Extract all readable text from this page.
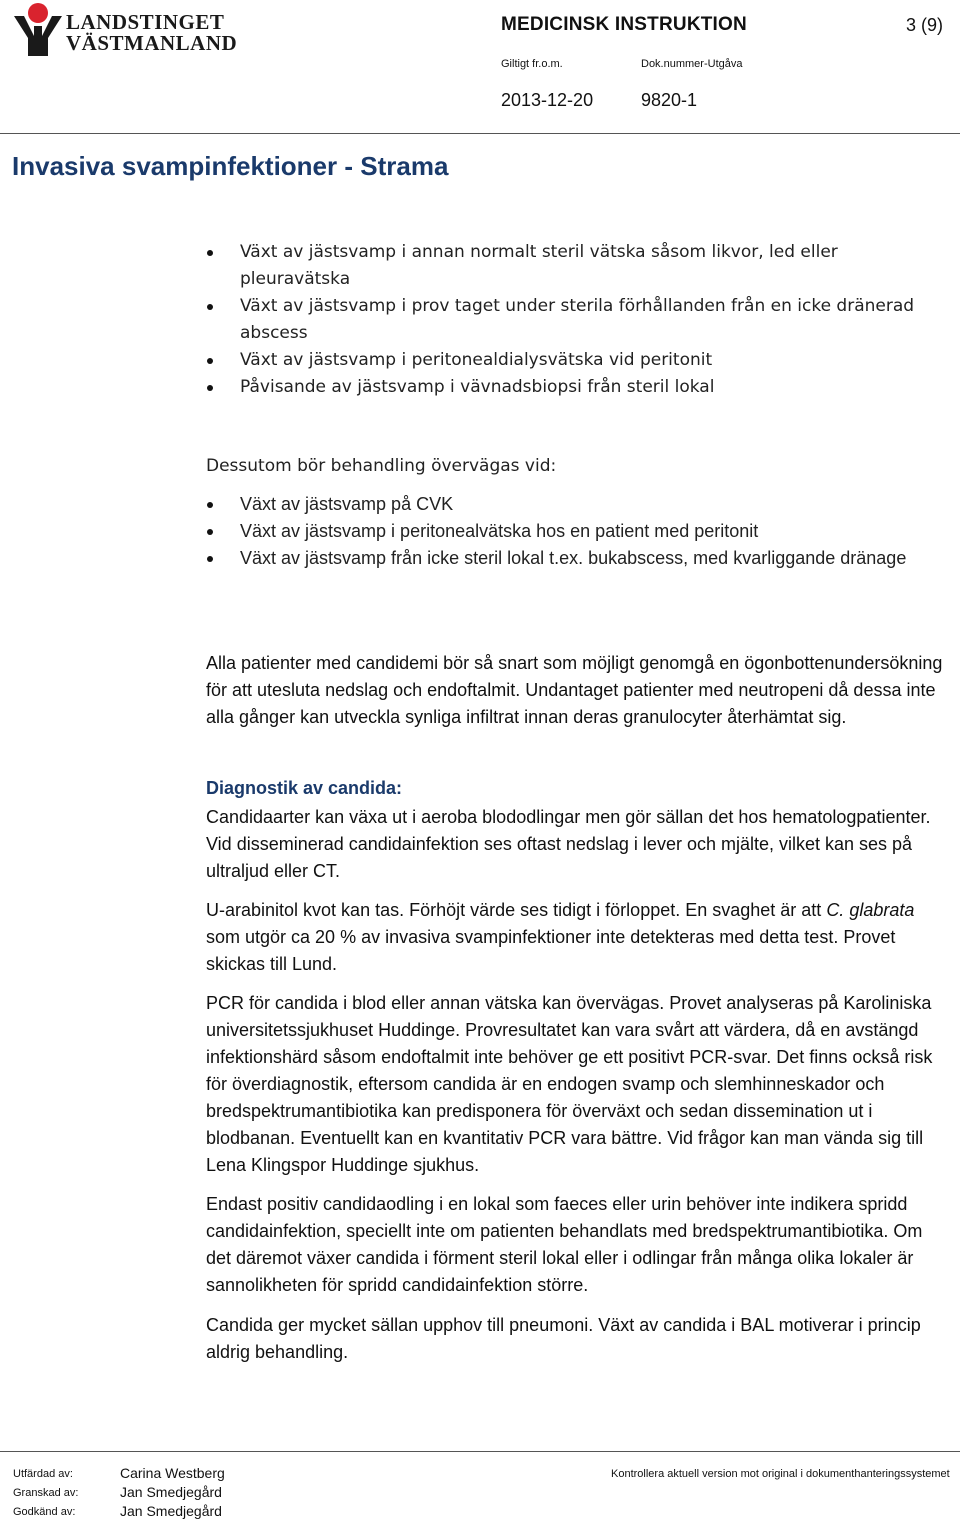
LANDSTINGET
VÄSTMANLAND
MEDICINSK INSTRUKTION	3 (9)
Giltigt fr.o.m.	Dok.nummer-Utgåva
2013-12-20	9820-1
Invasiva svampinfektioner - Strama
Växt av jästsvamp i annan normalt steril vätska såsom likvor, led eller pleuravätska
Växt av jästsvamp i prov taget under sterila förhållanden från en icke dränerad abscess
Växt av jästsvamp i peritonealdialysvätska vid peritonit
Påvisande av jästsvamp i vävnadsbiopsi från steril lokal
Dessutom bör behandling övervägas vid:
Växt av jästsvamp på CVK
Växt av jästsvamp i peritonealvätska hos en patient med peritonit
Växt av jästsvamp från icke steril lokal t.ex. bukabscess, med kvarliggande dränage

Alla patienter med candidemi bör så snart som möjligt genomgå en ögonbottenundersökning för att utesluta nedslag och endoftalmit. Undantaget patienter med neutropeni då dessa inte alla gånger kan utveckla synliga infiltrat innan deras granulocyter återhämtat sig.

Diagnostik av candida:

Candidaarter kan växa ut i aeroba blododlingar men gör sällan det hos hematologpatienter. Vid disseminerad candidainfektion ses oftast nedslag i lever och mjälte, vilket kan ses på ultraljud eller CT.

U-arabinitol kvot kan tas. Förhöjt värde ses tidigt i förloppet. En svaghet är att C. glabrata som utgör ca 20 % av invasiva svampinfektioner inte detekteras med detta test. Provet skickas till Lund.

PCR för candida i blod eller annan vätska kan övervägas. Provet analyseras på Karoliniska universitetssjukhuset Huddinge. Provresultatet kan vara svårt att värdera, då en avstängd infektionshärd såsom endoftalmit inte behöver ge ett positivt PCR-svar. Det finns också risk för överdiagnostik, eftersom candida är en endogen svamp och slemhinneskador och bredspektrumantibiotika kan predisponera för överväxt och sedan dissemination ut i blodbanan. Eventuellt kan en kvantitativ PCR vara bättre. Vid frågor kan man vända sig till Lena Klingspor Huddinge sjukhus.

Endast positiv candidaodling i en lokal som faeces eller urin behöver inte indikera spridd candidainfektion, speciellt inte om patienten behandlats med bredspektrumantibiotika. Om det däremot växer candida i förment steril lokal eller i odlingar från många olika lokaler är sannolikheten för spridd candidainfektion större.

Candida ger mycket sällan upphov till pneumoni. Växt av candida i BAL motiverar i princip aldrig behandling.

Utfärdad av:	Carina Westberg
Granskad av:	Jan Smedjegård
Godkänd av:	Jan Smedjegård
Kontrollera aktuell version mot original i dokumenthanteringssystemet
